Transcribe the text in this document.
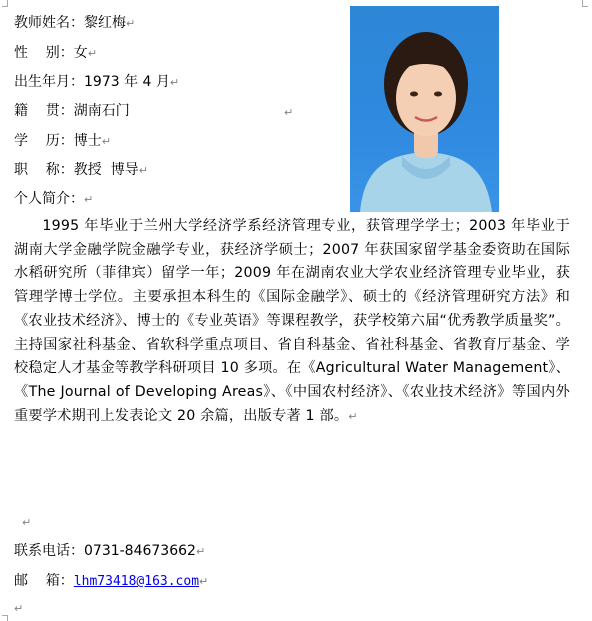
教师姓名：黎红梅↵
性    别：女↵
出生年月：1973 年 4 月↵
籍    贯：湖南石门	↵
学    历：博士↵
职    称：教授  博导↵
个人简介：↵
1995 年毕业于兰州大学经济学系经济管理专业，获管理学学士；2003 年毕业于湖南大学金融学院金融学专业，获经济学硕士；2007 年获国家留学基金委资助在国际水稻研究所（菲律宾）留学一年；2009 年在湖南农业大学农业经济管理专业毕业，获管理学博士学位。主要承担本科生的《国际金融学》、硕士的《经济管理研究方法》和《农业技术经济》、博士的《专业英语》等课程教学，获学校第六届“优秀教学质量奖”。主持国家社科基金、省软科学重点项目、省自科基金、省社科基金、省教育厅基金、学校稳定人才基金等教学科研项目 10 多项。在《Agricultural Water Management》、《The Journal of Developing Areas》、《中国农村经济》、《农业技术经济》等国内外重要学术期刊上发表论文 20 余篇，出版专著 1 部。↵
↵
联系电话：0731-84673662↵
邮    箱：lhm73418@163.com↵
↵
